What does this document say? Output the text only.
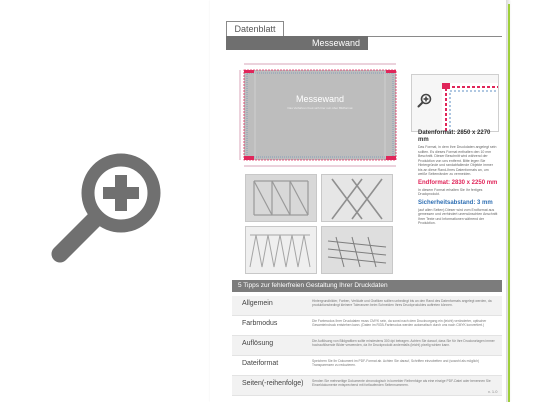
Datenblatt
Messewand
Messewand
Das Verfahren freut sich hier rein über Bildformat

Datenformat: 2850 x 2270 mm

Das Format, in dem Ihre Druckdaten angelegt sein sollten. Es dieses Format enthalten den 10 mm Beschnitt. Dieser Beschnitt wird während der Produktion von uns entfernt. Bitte legen Sie Hintergründe und randabfallende Objekte immer bis an diese Rand-Ihres Datenformats an, um weiße Seitenränder zu vermeiden.

Endformat: 2830 x 2250 mm

In diesem Format erhalten Sie Ihr fertiges Druckprodukt.

Sicherheitsabstand: 3 mm

(auf allen Seiten) Dieser wird vom Endformat aus gemessen und verhindert unerwünschten Anschnitt Ihrer Texte und Informationen während der Produktion.

5 Tipps zur fehlerfreien Gestaltung Ihrer Druckdaten
Allgemein	Hintergrundbilder, Farben, Verläufe und Grafiken sollten unbedingt bis an den Rand des Datenformats angelegt werden, da produktionsbedingt kleinere Toleranzen beim Schneiden Ihres Druckproduktes auftreten können.
Farbmodus	Die Farbmodus Ihrer Druckdaten muss CMYK sein, da sonst nach dem Druckvorgang ein (leicht) veränderter, optischer Gesamteindruck entstehen kann. (Daten im RGB-Farbmodus werden automatisch durch uns nach CMYK konvertiert.)
Auflösung	Die Auflösung von Bildgrafiken sollte mindestens 300 dpi betragen. Achten Sie darauf, dass Sie für Ihre Druckvorlagen immer hochauflösende Bilder verwenden, da Ihr Druckprodukt andernfalls (leicht) pixelig wirken kann.
Dateiformat	Speichern Sie Ihr Dokument im PDF-Format ab. Achten Sie darauf, Schriften einzubetten und (sowohl als möglich) Transparenzen zu reduzieren.
Seiten(-reihenfolge)	Senden Sie mehrseitige Dokumente chronologisch in korrekter Reihenfolge als eine einzige PDF-Datei oder benennen Sie Einzeldokumente entsprechend mit fortlaufenden Seitennummern.
v. 1.0
